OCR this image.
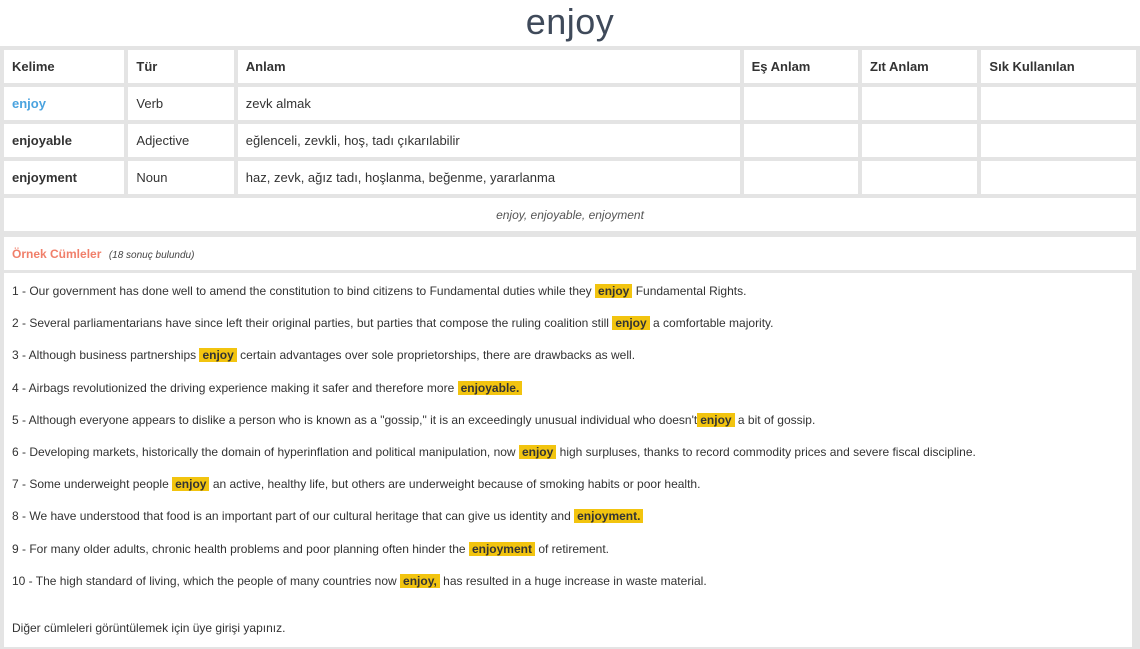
enjoy
Kelime	Tür	Anlam	Eş Anlam	Zıt Anlam	Sık Kullanılan
enjoy	Verb	zevk almak			
enjoyable	Adjective	eğlenceli, zevkli, hoş, tadı çıkarılabilir			
enjoyment	Noun	haz, zevk, ağız tadı, hoşlanma, beğenme, yararlanma			
enjoy, enjoyable, enjoyment					
Örnek Cümleler (18 sonuç bulundu)
1 - Our government has done well to amend the constitution to bind citizens to Fundamental duties while they enjoy Fundamental Rights.
2 - Several parliamentarians have since left their original parties, but parties that compose the ruling coalition still enjoy a comfortable majority.
3 - Although business partnerships enjoy certain advantages over sole proprietorships, there are drawbacks as well.
4 - Airbags revolutionized the driving experience making it safer and therefore more enjoyable.
5 - Although everyone appears to dislike a person who is known as a "gossip," it is an exceedingly unusual individual who doesn't enjoy a bit of gossip.
6 - Developing markets, historically the domain of hyperinflation and political manipulation, now enjoy high surpluses, thanks to record commodity prices and severe fiscal discipline.
7 - Some underweight people enjoy an active, healthy life, but others are underweight because of smoking habits or poor health.
8 - We have understood that food is an important part of our cultural heritage that can give us identity and enjoyment.
9 - For many older adults, chronic health problems and poor planning often hinder the enjoyment of retirement.
10 - The high standard of living, which the people of many countries now enjoy, has resulted in a huge increase in waste material.
Diğer cümleleri görüntülemek için üye girişi yapınız.
